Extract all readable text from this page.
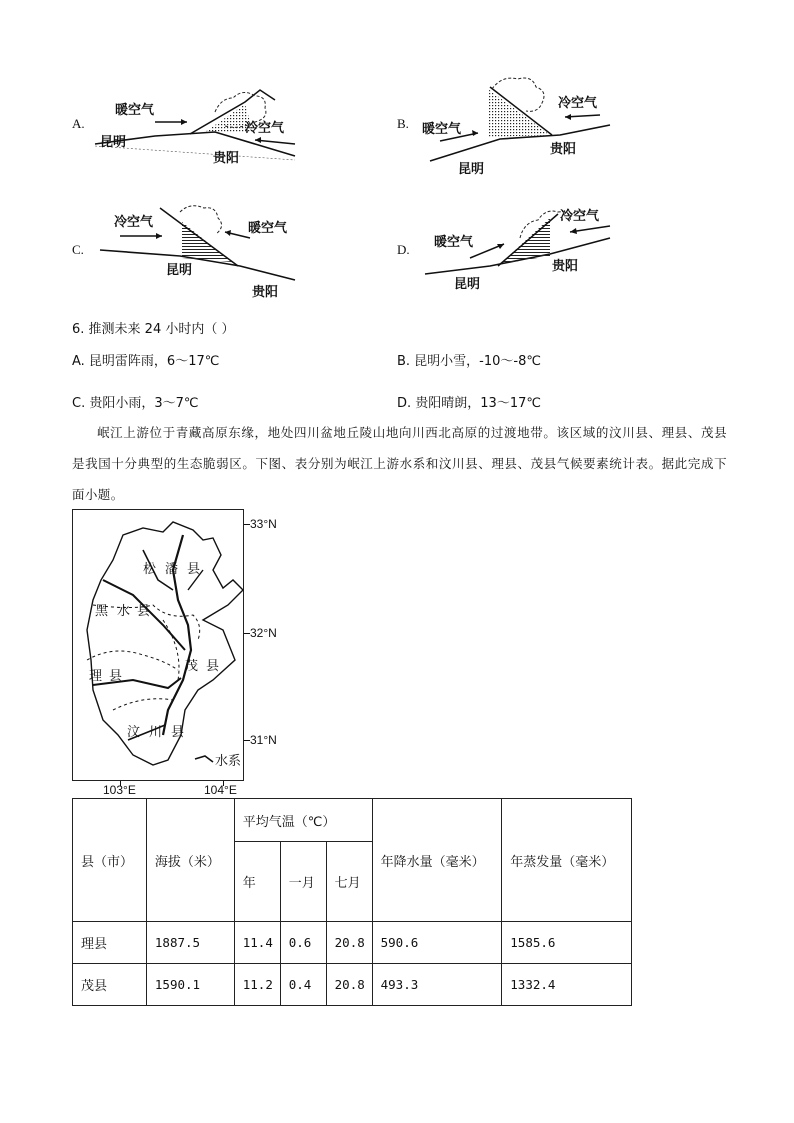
A.
暖空气
冷空气
昆明
贵阳
B. 暖空气
冷空气
昆明
贵阳
C.
冷空气	暖空气
昆明
贵阳
D. 暖空气
冷空气
昆明
贵阳
6. 推测未来 24 小时内（ ）
A. 昆明雷阵雨，6～17℃	B. 昆明小雪，-10～-8℃
C. 贵阳小雨，3～7℃	D. 贵阳晴朗，13～17℃
岷江上游位于青藏高原东缘，地处四川盆地丘陵山地向川西北高原的过渡地带。该区域的汶川县、理县、茂县是我国十分典型的生态脆弱区。下图、表分别为岷江上游水系和汶川县、理县、茂县气候要素统计表。据此完成下面小题。
松 潘 县
黑 水 县
茂 县
理 县
汶 川 县
水系
33°N
32°N
31°N
103°E	104°E
县（市）	海拔（米）	平均气温（℃）			年降水量（毫米）	年蒸发量（毫米）
		年	一月	七月		
理县	1887.5	11.4	0.6	20.8	590.6	1585.6
茂县	1590.1	11.2	0.4	20.8	493.3	1332.4
